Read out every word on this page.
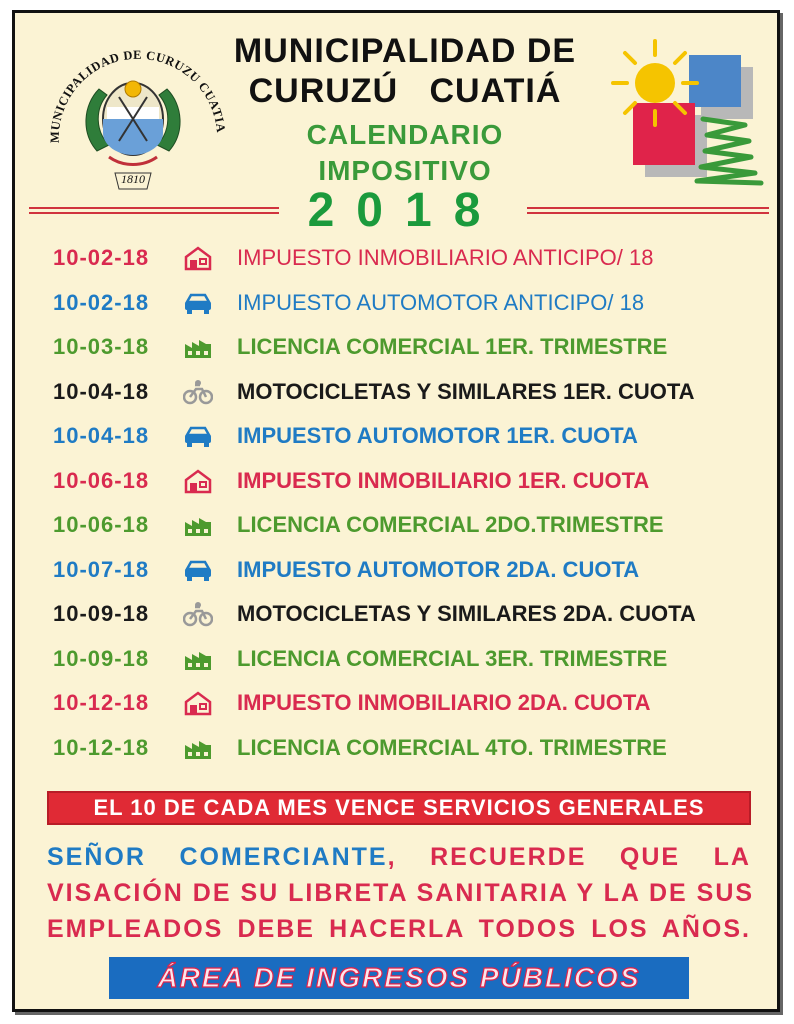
MUNICIPALIDAD DE CURUZU CUATIA
1810
MUNICIPALIDAD DE
CURUZÚ   CUATIÁ
CALENDARIO
IMPOSITIVO
2018
10-02-18	IMPUESTO INMOBILIARIO ANTICIPO/ 18
10-02-18	IMPUESTO AUTOMOTOR ANTICIPO/ 18
10-03-18	LICENCIA COMERCIAL 1ER. TRIMESTRE
10-04-18	MOTOCICLETAS Y SIMILARES 1ER. CUOTA
10-04-18	IMPUESTO AUTOMOTOR 1ER. CUOTA
10-06-18	IMPUESTO INMOBILIARIO 1ER. CUOTA
10-06-18	LICENCIA COMERCIAL 2DO.TRIMESTRE
10-07-18	IMPUESTO AUTOMOTOR 2DA. CUOTA
10-09-18	MOTOCICLETAS Y SIMILARES 2DA. CUOTA
10-09-18	LICENCIA COMERCIAL 3ER. TRIMESTRE
10-12-18	IMPUESTO INMOBILIARIO 2DA. CUOTA
10-12-18	LICENCIA COMERCIAL 4TO. TRIMESTRE
EL 10 DE CADA MES VENCE SERVICIOS GENERALES
SEÑOR COMERCIANTE, RECUERDE QUE LA
VISACIÓN DE SU LIBRETA SANITARIA Y LA DE SUS
EMPLEADOS DEBE HACERLA TODOS LOS AÑOS.
ÁREA DE INGRESOS PÚBLICOS
